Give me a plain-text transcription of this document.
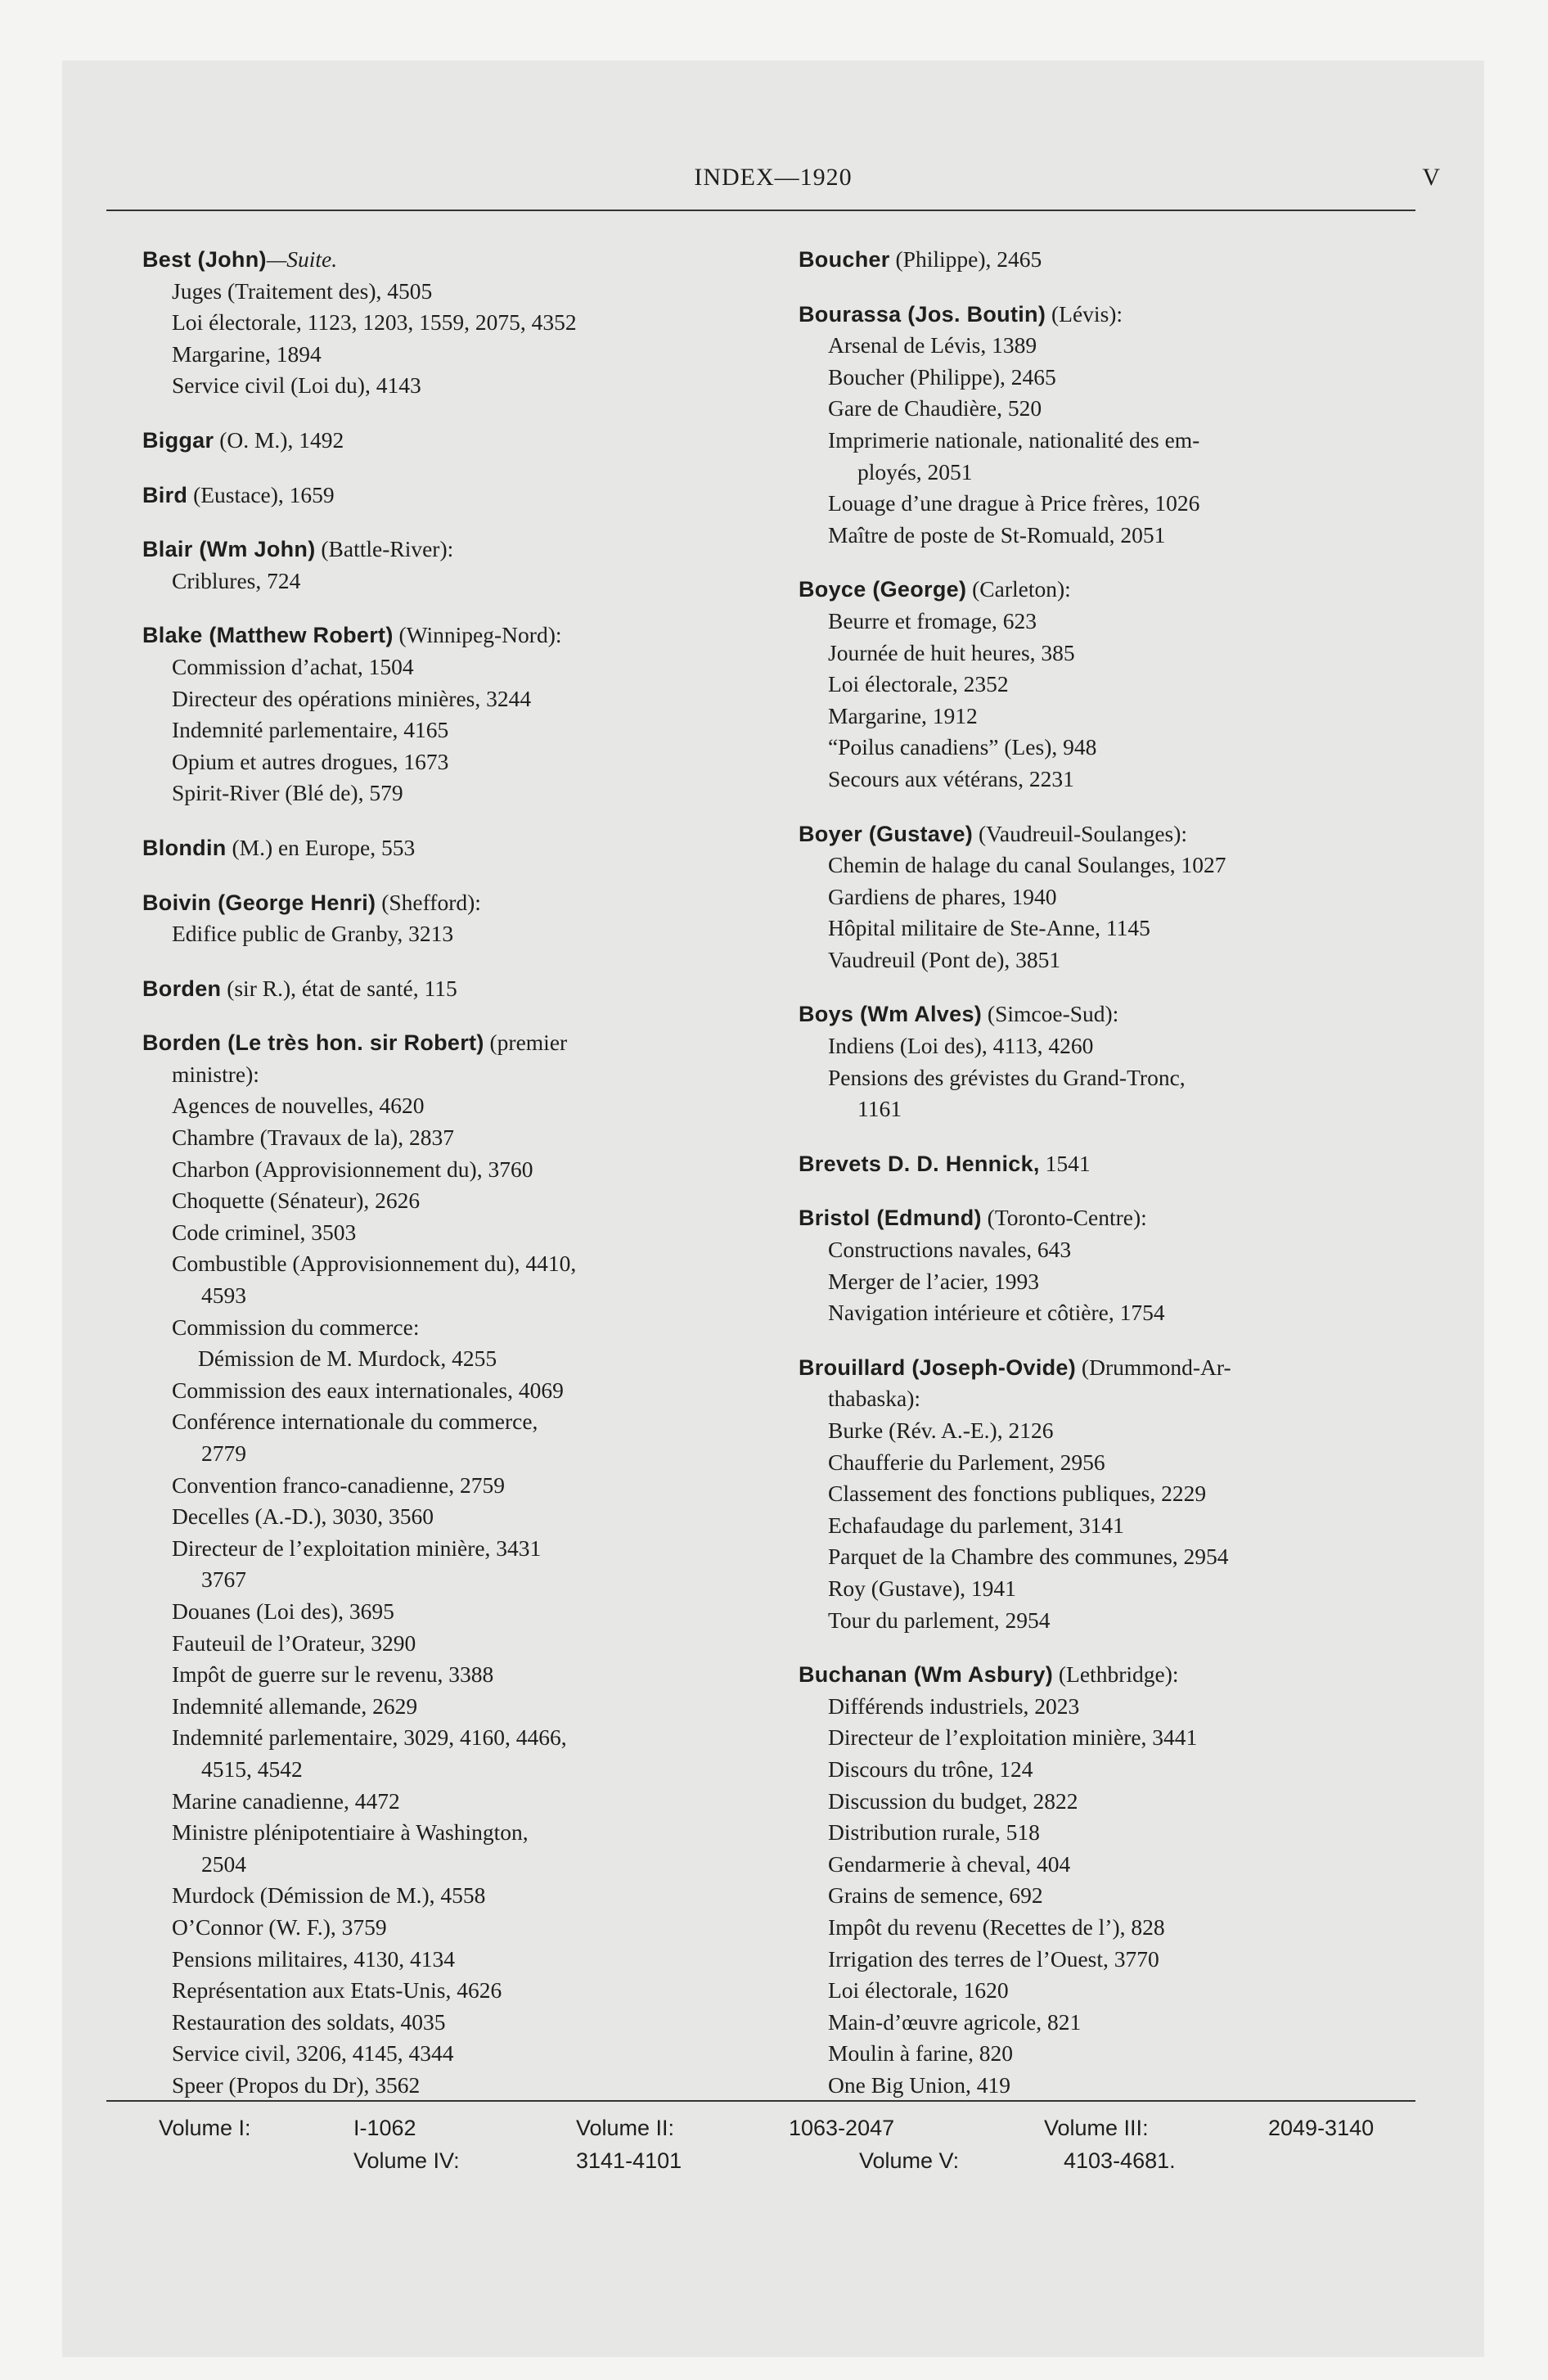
INDEX—1920	V
Best (John)—Suite.
Juges (Traitement des), 4505
Loi électorale, 1123, 1203, 1559, 2075, 4352
Margarine, 1894
Service civil (Loi du), 4143
Biggar (O. M.), 1492
Bird (Eustace), 1659
Blair (Wm John) (Battle-River):
Criblures, 724
Blake (Matthew Robert) (Winnipeg-Nord):
Commission d’achat, 1504
Directeur des opérations minières, 3244
Indemnité parlementaire, 4165
Opium et autres drogues, 1673
Spirit-River (Blé de), 579
Blondin (M.) en Europe, 553
Boivin (George Henri) (Shefford):
Edifice public de Granby, 3213
Borden (sir R.), état de santé, 115
Borden (Le très hon. sir Robert) (premier
ministre):
Agences de nouvelles, 4620
Chambre (Travaux de la), 2837
Charbon (Approvisionnement du), 3760
Choquette (Sénateur), 2626
Code criminel, 3503
Combustible (Approvisionnement du), 4410,
4593
Commission du commerce:
Démission de M. Murdock, 4255
Commission des eaux internationales, 4069
Conférence internationale du commerce,
2779
Convention franco-canadienne, 2759
Decelles (A.-D.), 3030, 3560
Directeur de l’exploitation minière, 3431
3767
Douanes (Loi des), 3695
Fauteuil de l’Orateur, 3290
Impôt de guerre sur le revenu, 3388
Indemnité allemande, 2629
Indemnité parlementaire, 3029, 4160, 4466,
4515, 4542
Marine canadienne, 4472
Ministre plénipotentiaire à Washington,
2504
Murdock (Démission de M.), 4558
O’Connor (W. F.), 3759
Pensions militaires, 4130, 4134
Représentation aux Etats-Unis, 4626
Restauration des soldats, 4035
Service civil, 3206, 4145, 4344
Speer (Propos du Dr), 3562
Boucher (Philippe), 2465
Bourassa (Jos. Boutin) (Lévis):
Arsenal de Lévis, 1389
Boucher (Philippe), 2465
Gare de Chaudière, 520
Imprimerie nationale, nationalité des em-
ployés, 2051
Louage d’une drague à Price frères, 1026
Maître de poste de St-Romuald, 2051
Boyce (George) (Carleton):
Beurre et fromage, 623
Journée de huit heures, 385
Loi électorale, 2352
Margarine, 1912
“Poilus canadiens” (Les), 948
Secours aux vétérans, 2231
Boyer (Gustave) (Vaudreuil-Soulanges):
Chemin de halage du canal Soulanges, 1027
Gardiens de phares, 1940
Hôpital militaire de Ste-Anne, 1145
Vaudreuil (Pont de), 3851
Boys (Wm Alves) (Simcoe-Sud):
Indiens (Loi des), 4113, 4260
Pensions des grévistes du Grand-Tronc,
1161
Brevets D. D. Hennick, 1541
Bristol (Edmund) (Toronto-Centre):
Constructions navales, 643
Merger de l’acier, 1993
Navigation intérieure et côtière, 1754
Brouillard (Joseph-Ovide) (Drummond-Ar-
thabaska):
Burke (Rév. A.-E.), 2126
Chaufferie du Parlement, 2956
Classement des fonctions publiques, 2229
Echafaudage du parlement, 3141
Parquet de la Chambre des communes, 2954
Roy (Gustave), 1941
Tour du parlement, 2954
Buchanan (Wm Asbury) (Lethbridge):
Différends industriels, 2023
Directeur de l’exploitation minière, 3441
Discours du trône, 124
Discussion du budget, 2822
Distribution rurale, 518
Gendarmerie à cheval, 404
Grains de semence, 692
Impôt du revenu (Recettes de l’), 828
Irrigation des terres de l’Ouest, 3770
Loi électorale, 1620
Main-d’œuvre agricole, 821
Moulin à farine, 820
One Big Union, 419
Volume I:	I-1062	Volume II:	1063-2047	Volume III:	2049-3140
Volume IV:	3141-4101	Volume V:	4103-4681.
